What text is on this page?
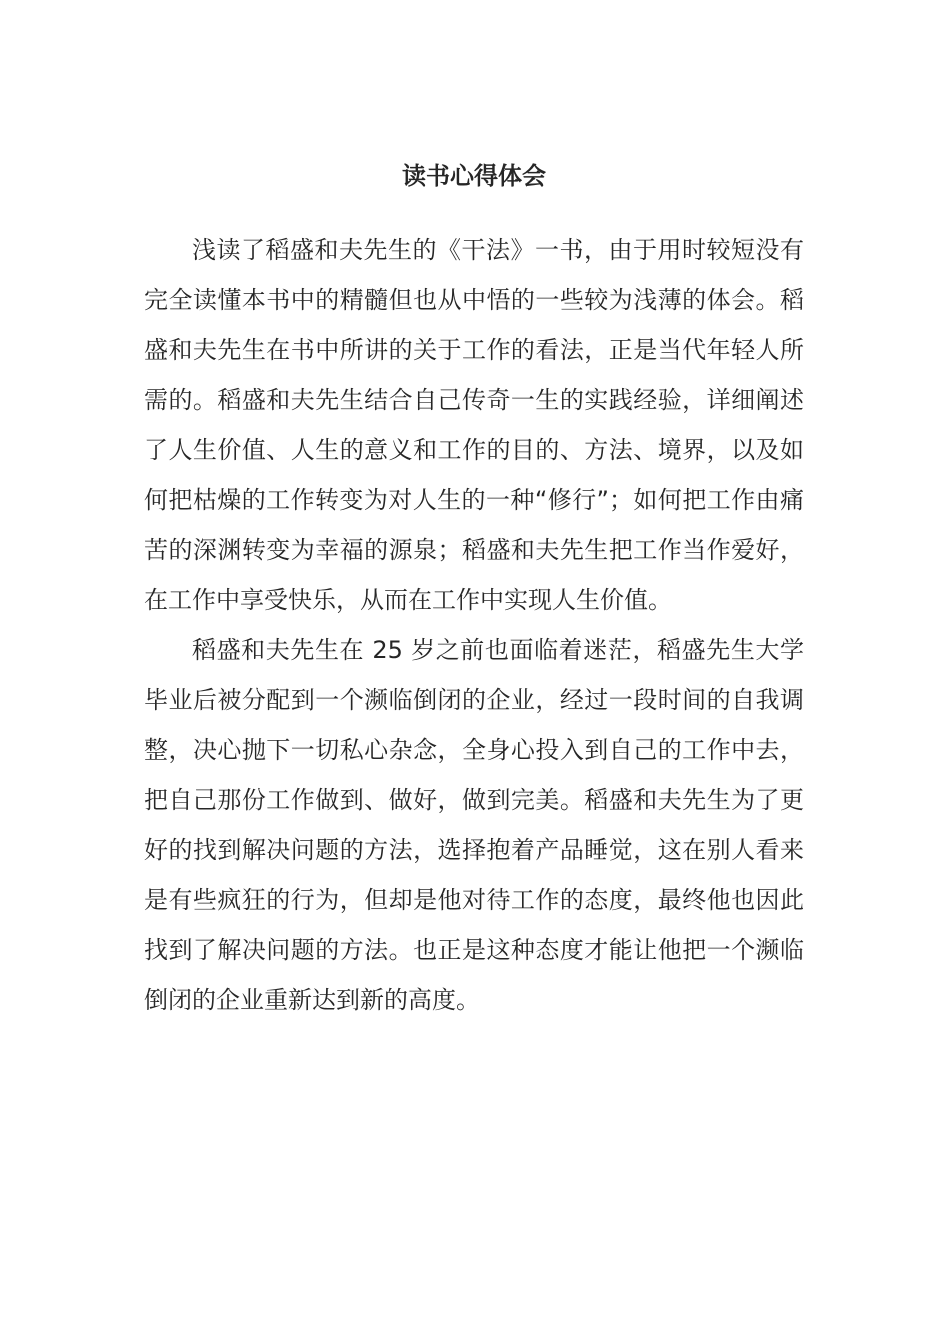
读书心得体会

浅读了稻盛和夫先生的《干法》一书，由于用时较短没有完全读懂本书中的精髓但也从中悟的一些较为浅薄的体会。稻盛和夫先生在书中所讲的关于工作的看法，正是当代年轻人所需的。稻盛和夫先生结合自己传奇一生的实践经验，详细阐述了人生价值、人生的意义和工作的目的、方法、境界，以及如何把枯燥的工作转变为对人生的一种“修行”；如何把工作由痛苦的深渊转变为幸福的源泉；稻盛和夫先生把工作当作爱好，在工作中享受快乐，从而在工作中实现人生价值。

稻盛和夫先生在 25 岁之前也面临着迷茫，稻盛先生大学毕业后被分配到一个濒临倒闭的企业，经过一段时间的自我调整，决心抛下一切私心杂念，全身心投入到自己的工作中去，把自己那份工作做到、做好，做到完美。稻盛和夫先生为了更好的找到解决问题的方法，选择抱着产品睡觉，这在别人看来是有些疯狂的行为，但却是他对待工作的态度，最终他也因此找到了解决问题的方法。也正是这种态度才能让他把一个濒临倒闭的企业重新达到新的高度。
